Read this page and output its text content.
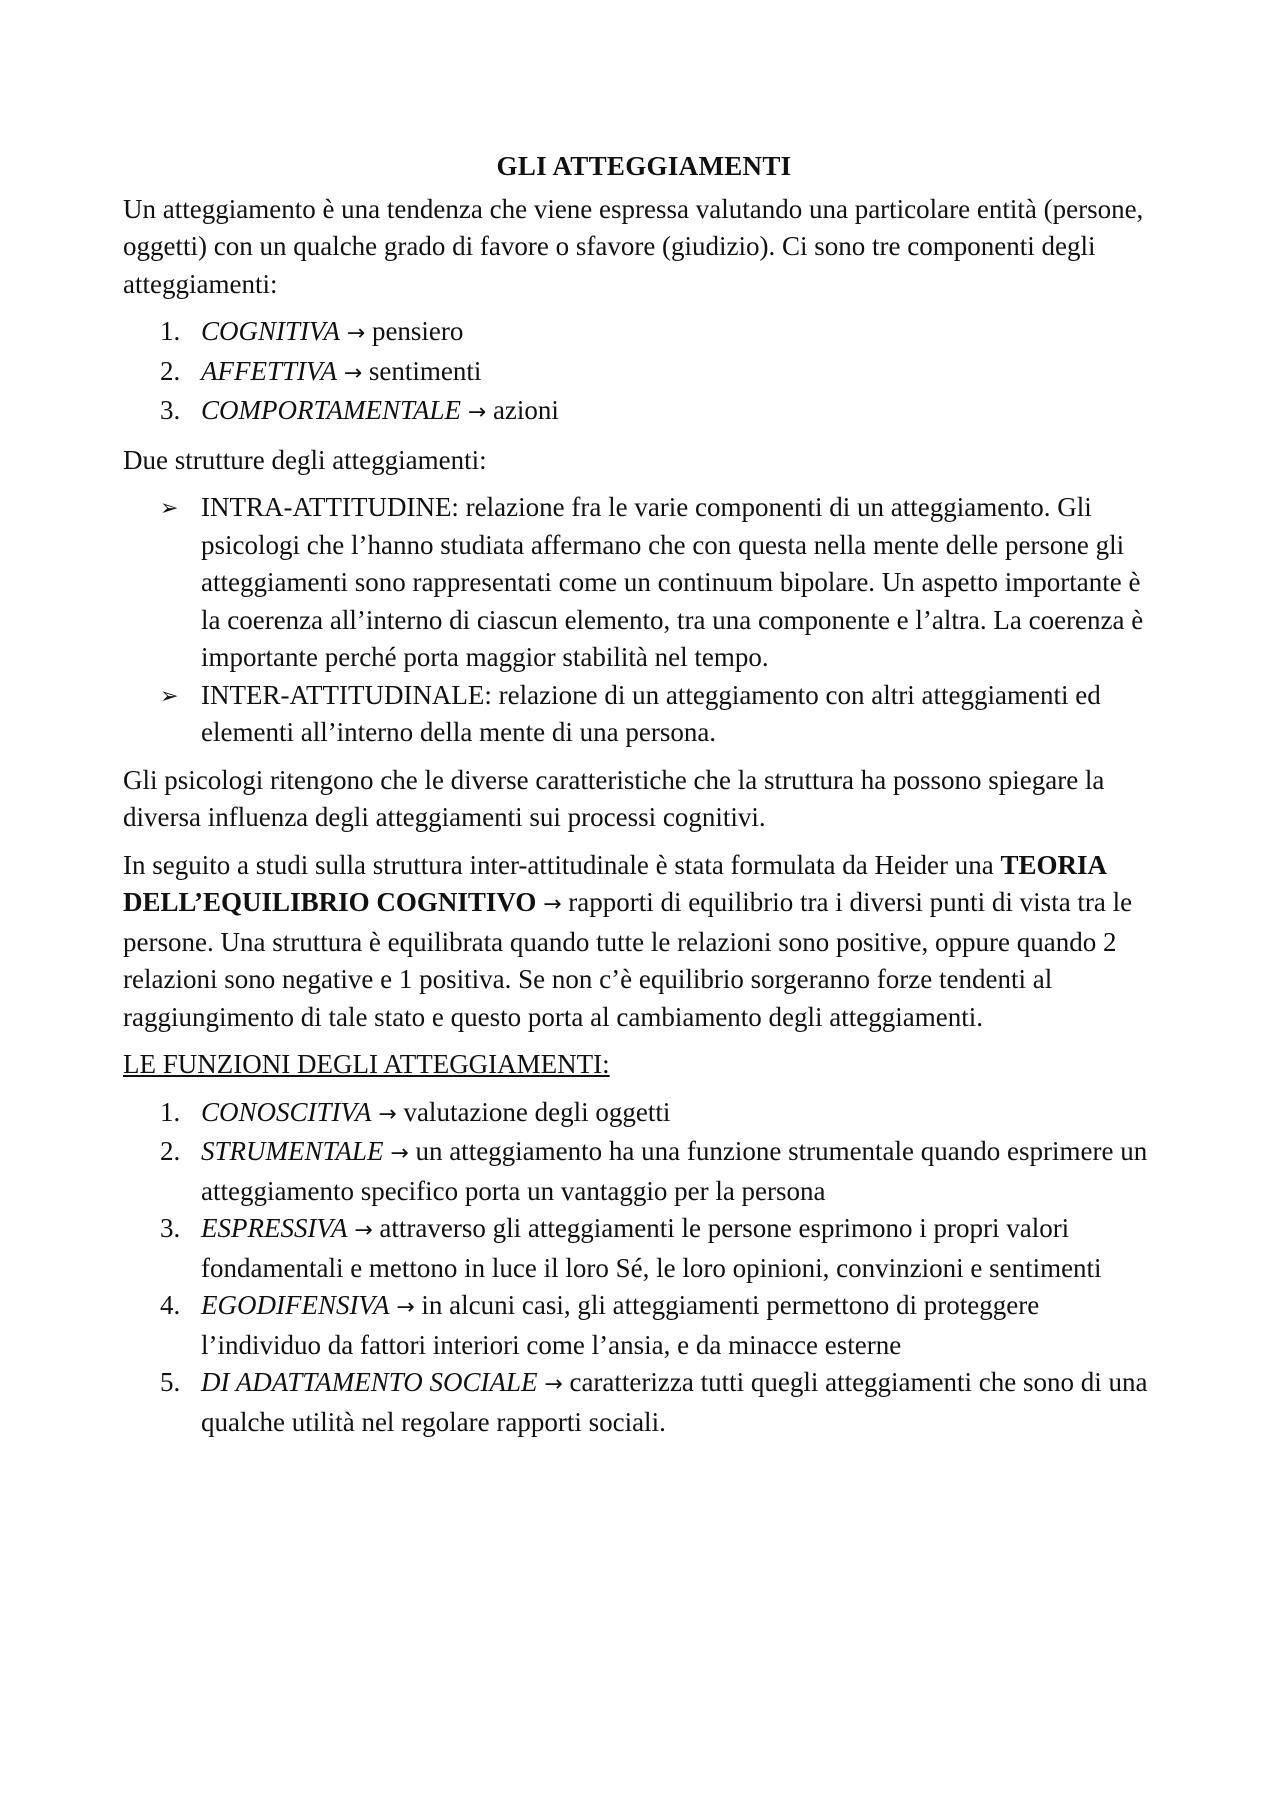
GLI ATTEGGIAMENTI

Un atteggiamento è una tendenza che viene espressa valutando una particolare entità (persone, oggetti) con un qualche grado di favore o sfavore (giudizio). Ci sono tre componenti degli atteggiamenti:

1. COGNITIVA → pensiero
2. AFFETTIVA → sentimenti
3. COMPORTAMENTALE → azioni

Due strutture degli atteggiamenti:

➢ INTRA-ATTITUDINE: relazione fra le varie componenti di un atteggiamento. Gli psicologi che l’hanno studiata affermano che con questa nella mente delle persone gli atteggiamenti sono rappresentati come un continuum bipolare. Un aspetto importante è la coerenza all’interno di ciascun elemento, tra una componente e l’altra. La coerenza è importante perché porta maggior stabilità nel tempo.
➢ INTER-ATTITUDINALE: relazione di un atteggiamento con altri atteggiamenti ed elementi all’interno della mente di una persona.

Gli psicologi ritengono che le diverse caratteristiche che la struttura ha possono spiegare la diversa influenza degli atteggiamenti sui processi cognitivi.

In seguito a studi sulla struttura inter-attitudinale è stata formulata da Heider una TEORIA DELL’EQUILIBRIO COGNITIVO → rapporti di equilibrio tra i diversi punti di vista tra le persone. Una struttura è equilibrata quando tutte le relazioni sono positive, oppure quando 2 relazioni sono negative e 1 positiva. Se non c’è equilibrio sorgeranno forze tendenti al raggiungimento di tale stato e questo porta al cambiamento degli atteggiamenti.

LE FUNZIONI DEGLI ATTEGGIAMENTI:

1. CONOSCITIVA → valutazione degli oggetti
2. STRUMENTALE → un atteggiamento ha una funzione strumentale quando esprimere un atteggiamento specifico porta un vantaggio per la persona
3. ESPRESSIVA → attraverso gli atteggiamenti le persone esprimono i propri valori fondamentali e mettono in luce il loro Sé, le loro opinioni, convinzioni e sentimenti
4. EGODIFENSIVA → in alcuni casi, gli atteggiamenti permettono di proteggere l’individuo da fattori interiori come l’ansia, e da minacce esterne
5. DI ADATTAMENTO SOCIALE → caratterizza tutti quegli atteggiamenti che sono di una qualche utilità nel regolare rapporti sociali.
